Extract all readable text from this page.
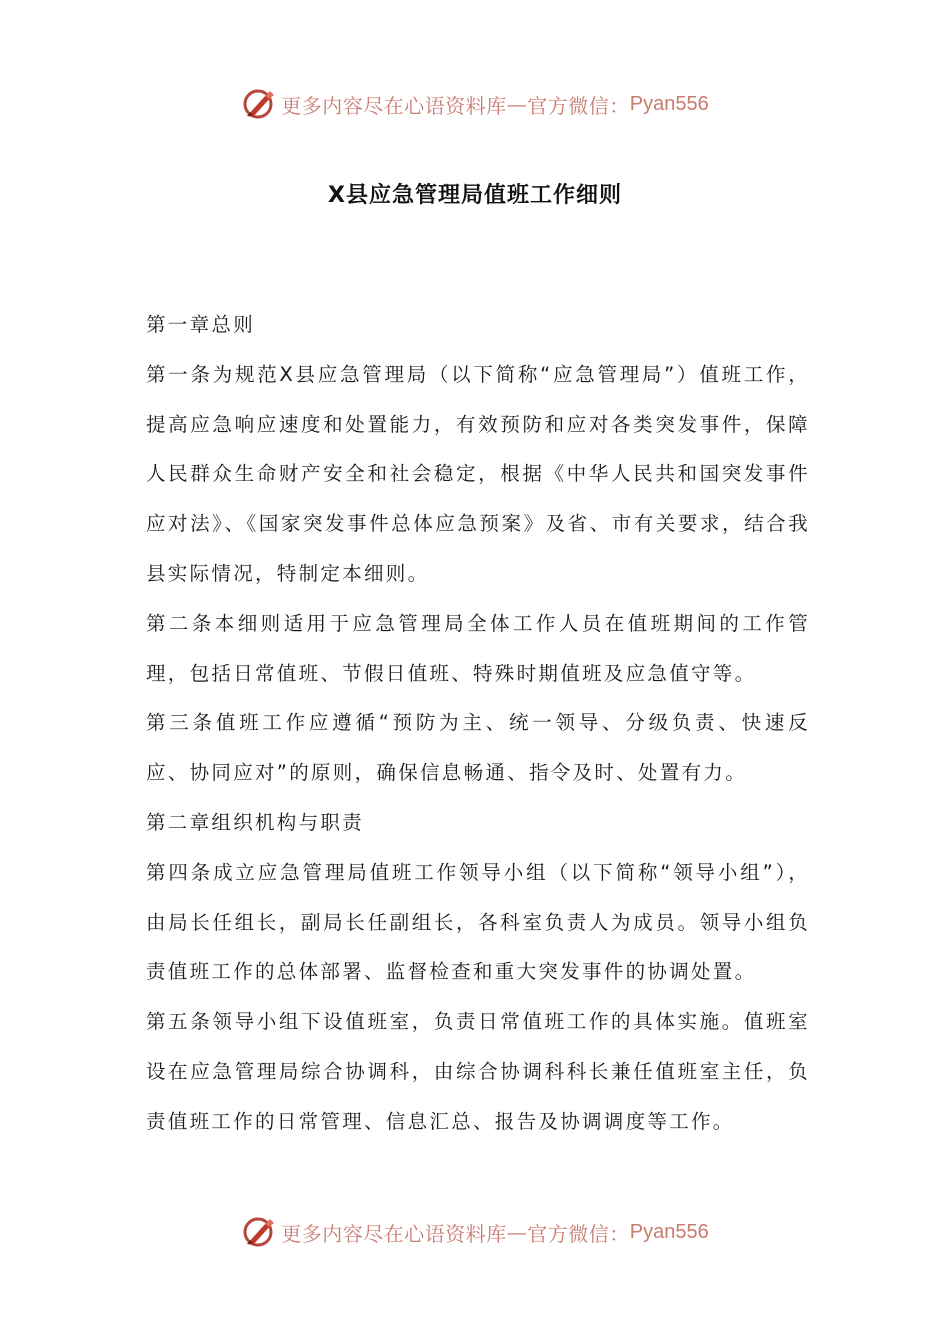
更多内容尽在心语资料库 — 官方微信： Pyan556
X县应急管理局值班工作细则

第一章总则

第一条为规范X县应急管理局（以下简称“应急管理局”）值班工作，提高应急响应速度和处置能力，有效预防和应对各类突发事件，保障人民群众生命财产安全和社会稳定，根据《中华人民共和国突发事件应对法》、《国家突发事件总体应急预案》及省、市有关要求，结合我县实际情况，特制定本细则。

第二条本细则适用于应急管理局全体工作人员在值班期间的工作管理，包括日常值班、节假日值班、特殊时期值班及应急值守等。

第三条值班工作应遵循“预防为主、统一领导、分级负责、快速反应、协同应对”的原则，确保信息畅通、指令及时、处置有力。

第二章组织机构与职责

第四条成立应急管理局值班工作领导小组（以下简称“领导小组”），由局长任组长，副局长任副组长，各科室负责人为成员。领导小组负责值班工作的总体部署、监督检查和重大突发事件的协调处置。

第五条领导小组下设值班室，负责日常值班工作的具体实施。值班室设在应急管理局综合协调科，由综合协调科科长兼任值班室主任，负责值班工作的日常管理、信息汇总、报告及协调调度等工作。

更多内容尽在心语资料库 — 官方微信： Pyan556
